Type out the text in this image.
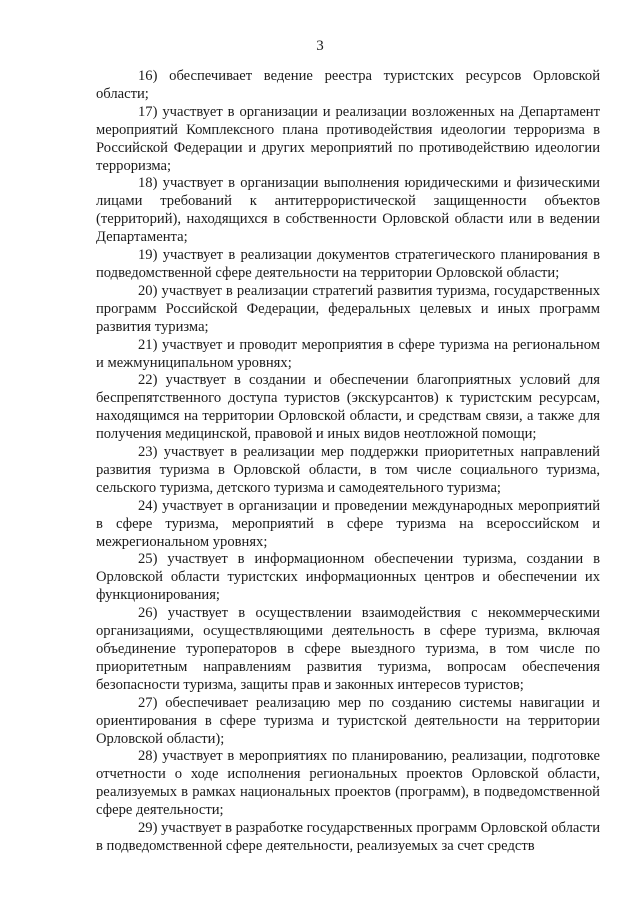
3

16) обеспечивает ведение реестра туристских ресурсов Орловской области;

17) участвует в организации и реализации возложенных на Департамент мероприятий Комплексного плана противодействия идеологии терроризма в Российской Федерации и других мероприятий по противодействию идеологии терроризма;

18) участвует в организации выполнения юридическими и физическими лицами требований к антитеррористической защищенности объектов (территорий), находящихся в собственности Орловской области или в ведении Департамента;

19) участвует в реализации документов стратегического планирования в подведомственной сфере деятельности на территории Орловской области;

20) участвует в реализации стратегий развития туризма, государственных программ Российской Федерации, федеральных целевых и иных программ развития туризма;

21) участвует и проводит мероприятия в сфере туризма на региональном и межмуниципальном уровнях;

22) участвует в создании и обеспечении благоприятных условий для беспрепятственного доступа туристов (экскурсантов) к туристским ресурсам, находящимся на территории Орловской области, и средствам связи, а также для получения медицинской, правовой и иных видов неотложной помощи;

23) участвует в реализации мер поддержки приоритетных направлений развития туризма в Орловской области, в том числе социального туризма, сельского туризма, детского туризма и самодеятельного туризма;

24) участвует в организации и проведении международных мероприятий в сфере туризма, мероприятий в сфере туризма на всероссийском и межрегиональном уровнях;

25) участвует в информационном обеспечении туризма, создании в Орловской области туристских информационных центров и обеспечении их функционирования;

26) участвует в осуществлении взаимодействия с некоммерческими организациями, осуществляющими деятельность в сфере туризма, включая объединение туроператоров в сфере выездного туризма, в том числе по приоритетным направлениям развития туризма, вопросам обеспечения безопасности туризма, защиты прав и законных интересов туристов;

27) обеспечивает реализацию мер по созданию системы навигации и ориентирования в сфере туризма и туристской деятельности на территории Орловской области);

28) участвует в мероприятиях по планированию, реализации, подготовке отчетности о ходе исполнения региональных проектов Орловской области, реализуемых в рамках национальных проектов (программ), в подведомственной сфере деятельности;

29) участвует в разработке государственных программ Орловской области в подведомственной сфере деятельности, реализуемых за счет средств
